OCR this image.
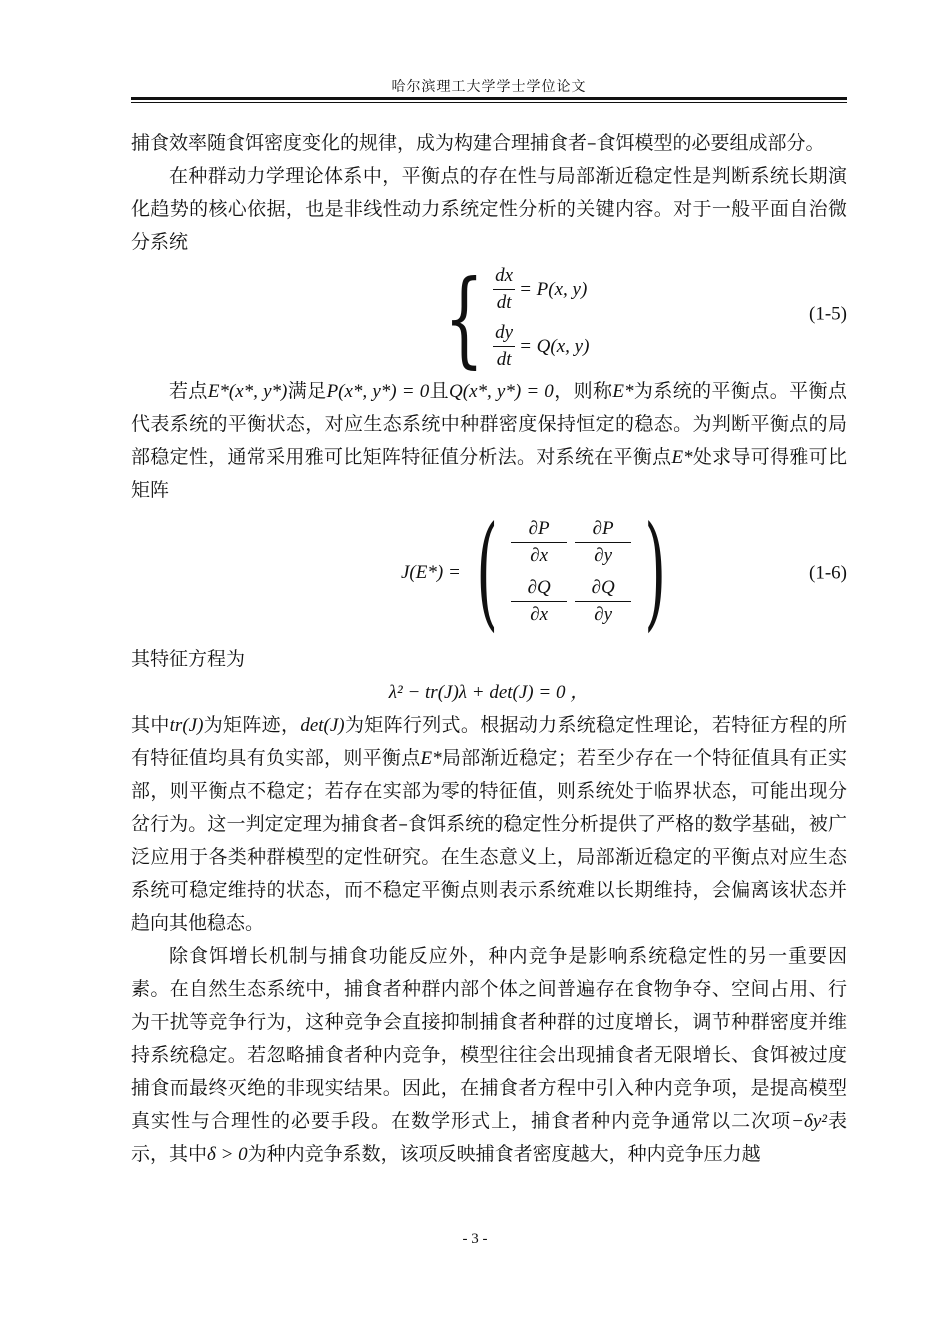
哈尔滨理工大学学士学位论文

捕食效率随食饵密度变化的规律，成为构建合理捕食者–食饵模型的必要组成部分。

在种群动力学理论体系中，平衡点的存在性与局部渐近稳定性是判断系统长期演化趋势的核心依据，也是非线性动力系统定性分析的关键内容。对于一般平面自治微分系统

{ $\frac{dx}{dt} = P(x$, y)
$\frac{dy}{dt} = Q(x$, y)
(1-5)

若点E*(x*, y*)满足P(x*, y*) = 0且Q(x*, y*) = 0，则称E*为系统的平衡点。平衡点代表系统的平衡状态，对应生态系统中种群密度保持恒定的稳态。为判断平衡点的局部稳定性，通常采用雅可比矩阵特征值分析法。对系统在平衡点E*处求导可得雅可比矩阵

J(E*) = ( $\frac{\partial P}{\partial x} \frac{\partial P}{\partial y}$
$\frac{\partial Q}{\partial x} \frac{\partial Q}{\partial y}$ )	(1-6)

其特征方程为

λ² − tr(J)λ + det(J) = 0 ，

其中tr(J)为矩阵迹，det(J)为矩阵行列式。根据动力系统稳定性理论，若特征方程的所有特征值均具有负实部，则平衡点E*局部渐近稳定；若至少存在一个特征值具有正实部，则平衡点不稳定；若存在实部为零的特征值，则系统处于临界状态，可能出现分岔行为。这一判定定理为捕食者–食饵系统的稳定性分析提供了严格的数学基础，被广泛应用于各类种群模型的定性研究。在生态意义上，局部渐近稳定的平衡点对应生态系统可稳定维持的状态，而不稳定平衡点则表示系统难以长期维持，会偏离该状态并趋向其他稳态。

除食饵增长机制与捕食功能反应外，种内竞争是影响系统稳定性的另一重要因素。在自然生态系统中，捕食者种群内部个体之间普遍存在食物争夺、空间占用、行为干扰等竞争行为，这种竞争会直接抑制捕食者种群的过度增长，调节种群密度并维持系统稳定。若忽略捕食者种内竞争，模型往往会出现捕食者无限增长、食饵被过度捕食而最终灭绝的非现实结果。因此，在捕食者方程中引入种内竞争项，是提高模型真实性与合理性的必要手段。在数学形式上，捕食者种内竞争通常以二次项−δy²表示，其中δ > 0为种内竞争系数，该项反映捕食者密度越大，种内竞争压力越

- 3 -
